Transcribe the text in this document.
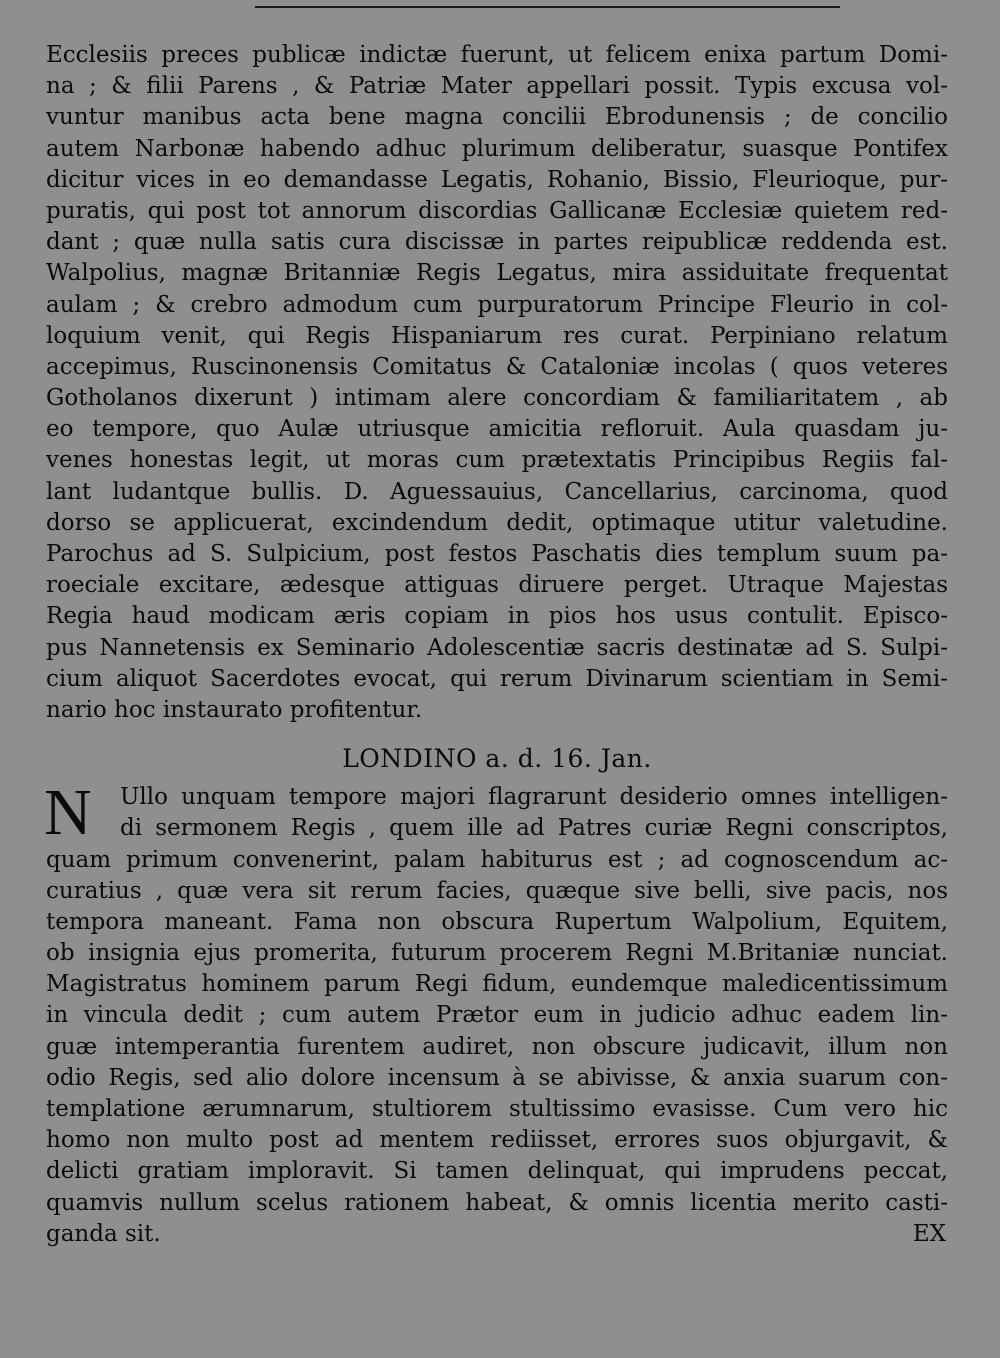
Ecclesiis preces publicæ indictæ fuerunt, ut felicem enixa partum Domi-
na ; & filii Parens , & Patriæ Mater appellari possit. Typis excusa vol-
vuntur manibus acta bene magna concilii Ebrodunensis ; de concilio
autem Narbonæ habendo adhuc plurimum deliberatur, suasque Pontifex
dicitur vices in eo demandasse Legatis, Rohanio, Bissio, Fleurioque, pur-
puratis, qui post tot annorum discordias Gallicanæ Ecclesiæ quietem red-
dant ; quæ nulla satis cura discissæ in partes reipublicæ reddenda est.
Walpolius, magnæ Britanniæ Regis Legatus, mira assiduitate frequentat
aulam ; & crebro admodum cum purpuratorum Principe Fleurio in col-
loquium venit, qui Regis Hispaniarum res curat. Perpiniano relatum
accepimus, Ruscinonensis Comitatus & Cataloniæ incolas ( quos veteres
Gotholanos dixerunt ) intimam alere concordiam & familiaritatem , ab
eo tempore, quo Aulæ utriusque amicitia refloruit. Aula quasdam ju-
venes honestas legit, ut moras cum prætextatis Principibus Regiis fal-
lant ludantque bullis. D. Aguessauius, Cancellarius, carcinoma, quod
dorso se applicuerat, excindendum dedit, optimaque utitur valetudine.
Parochus ad S. Sulpicium, post festos Paschatis dies templum suum pa-
roeciale excitare, ædesque attiguas diruere perget. Utraque Majestas
Regia haud modicam æris copiam in pios hos usus contulit. Episco-
pus Nannetensis ex Seminario Adolescentiæ sacris destinatæ ad S. Sulpi-
cium aliquot Sacerdotes evocat, qui rerum Divinarum scientiam in Semi-
nario hoc instaurato profitentur.
LONDINO a. d. 16. Jan.
N	Ullo unquam tempore majori flagrarunt desiderio omnes intelligen-
di sermonem Regis , quem ille ad Patres curiæ Regni conscriptos,
quam primum convenerint, palam habiturus est ; ad cognoscendum ac-
curatius , quæ vera sit rerum facies, quæque sive belli, sive pacis, nos
tempora maneant. Fama non obscura Rupertum Walpolium, Equitem,
ob insignia ejus promerita, futurum procerem Regni M.Britaniæ nunciat.
Magistratus hominem parum Regi fidum, eundemque maledicentissimum
in vincula dedit ; cum autem Prætor eum in judicio adhuc eadem lin-
guæ intemperantia furentem audiret, non obscure judicavit, illum non
odio Regis, sed alio dolore incensum à se abivisse, & anxia suarum con-
templatione ærumnarum, stultiorem stultissimo evasisse. Cum vero hic
homo non multo post ad mentem rediisset, errores suos objurgavit, &
delicti gratiam imploravit. Si tamen delinquat, qui imprudens peccat,
quamvis nullum scelus rationem habeat, & omnis licentia merito casti-
ganda sit.	EX
